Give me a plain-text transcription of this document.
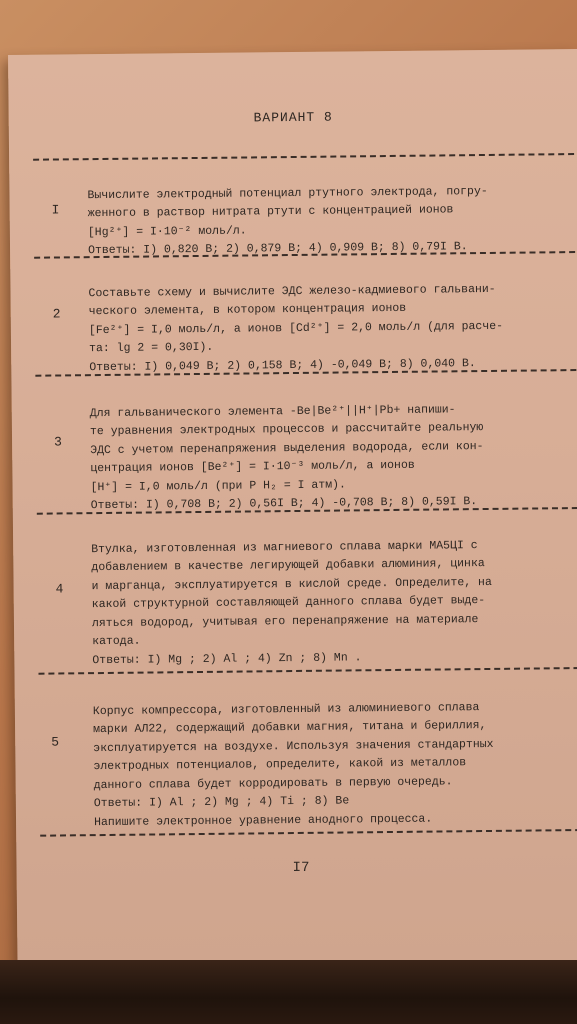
ВАРИАНТ 8
I

Вычислите электродный потенциал ртутного электрода, погру-
женного в раствор нитрата ртути с концентрацией ионов
[Hg²⁺] = I·10⁻² моль/л.

Ответы: I) 0,820 В; 2) 0,879 В; 4) 0,909 В; 8) 0,79I В.

2

Составьте схему и вычислите ЭДС железо-кадмиевого гальвани-
ческого элемента, в котором концентрация ионов
[Fe²⁺] = I,0 моль/л, а ионов [Cd²⁺] = 2,0 моль/л (для расче-
та: lg 2 = 0,30I).

Ответы: I) 0,049 В; 2) 0,158 В; 4) -0,049 В; 8) 0,040 В.

3

Для гальванического элемента -Be|Be²⁺||H⁺|Pb+ напиши-
те уравнения электродных процессов и рассчитайте реальную
ЭДС с учетом перенапряжения выделения водорода, если кон-
центрация ионов [Be²⁺] = I·10⁻³ моль/л, а ионов
[H⁺] = I,0 моль/л (при P H₂ = I атм).

Ответы: I) 0,708 В; 2) 0,56I В; 4) -0,708 В; 8) 0,59I В.

4

Втулка, изготовленная из магниевого сплава марки МА5ЦI с
добавлением в качестве легирующей добавки алюминия, цинка
и марганца, эксплуатируется в кислой среде. Определите, на
какой структурной составляющей данного сплава будет выде-
ляться водород, учитывая его перенапряжение на материале
катода.

Ответы: I) Mg ; 2) Al ; 4) Zn ; 8) Mn .

5

Корпус компрессора, изготовленный из алюминиевого сплава
марки АЛ22, содержащий добавки магния, титана и бериллия,
эксплуатируется на воздухе. Используя значения стандартных
электродных потенциалов, определите, какой из металлов
данного сплава будет корродировать в первую очередь.

Ответы: I) Al ; 2) Mg ; 4) Ti ; 8) Be
Напишите электронное уравнение анодного процесса.

I7
